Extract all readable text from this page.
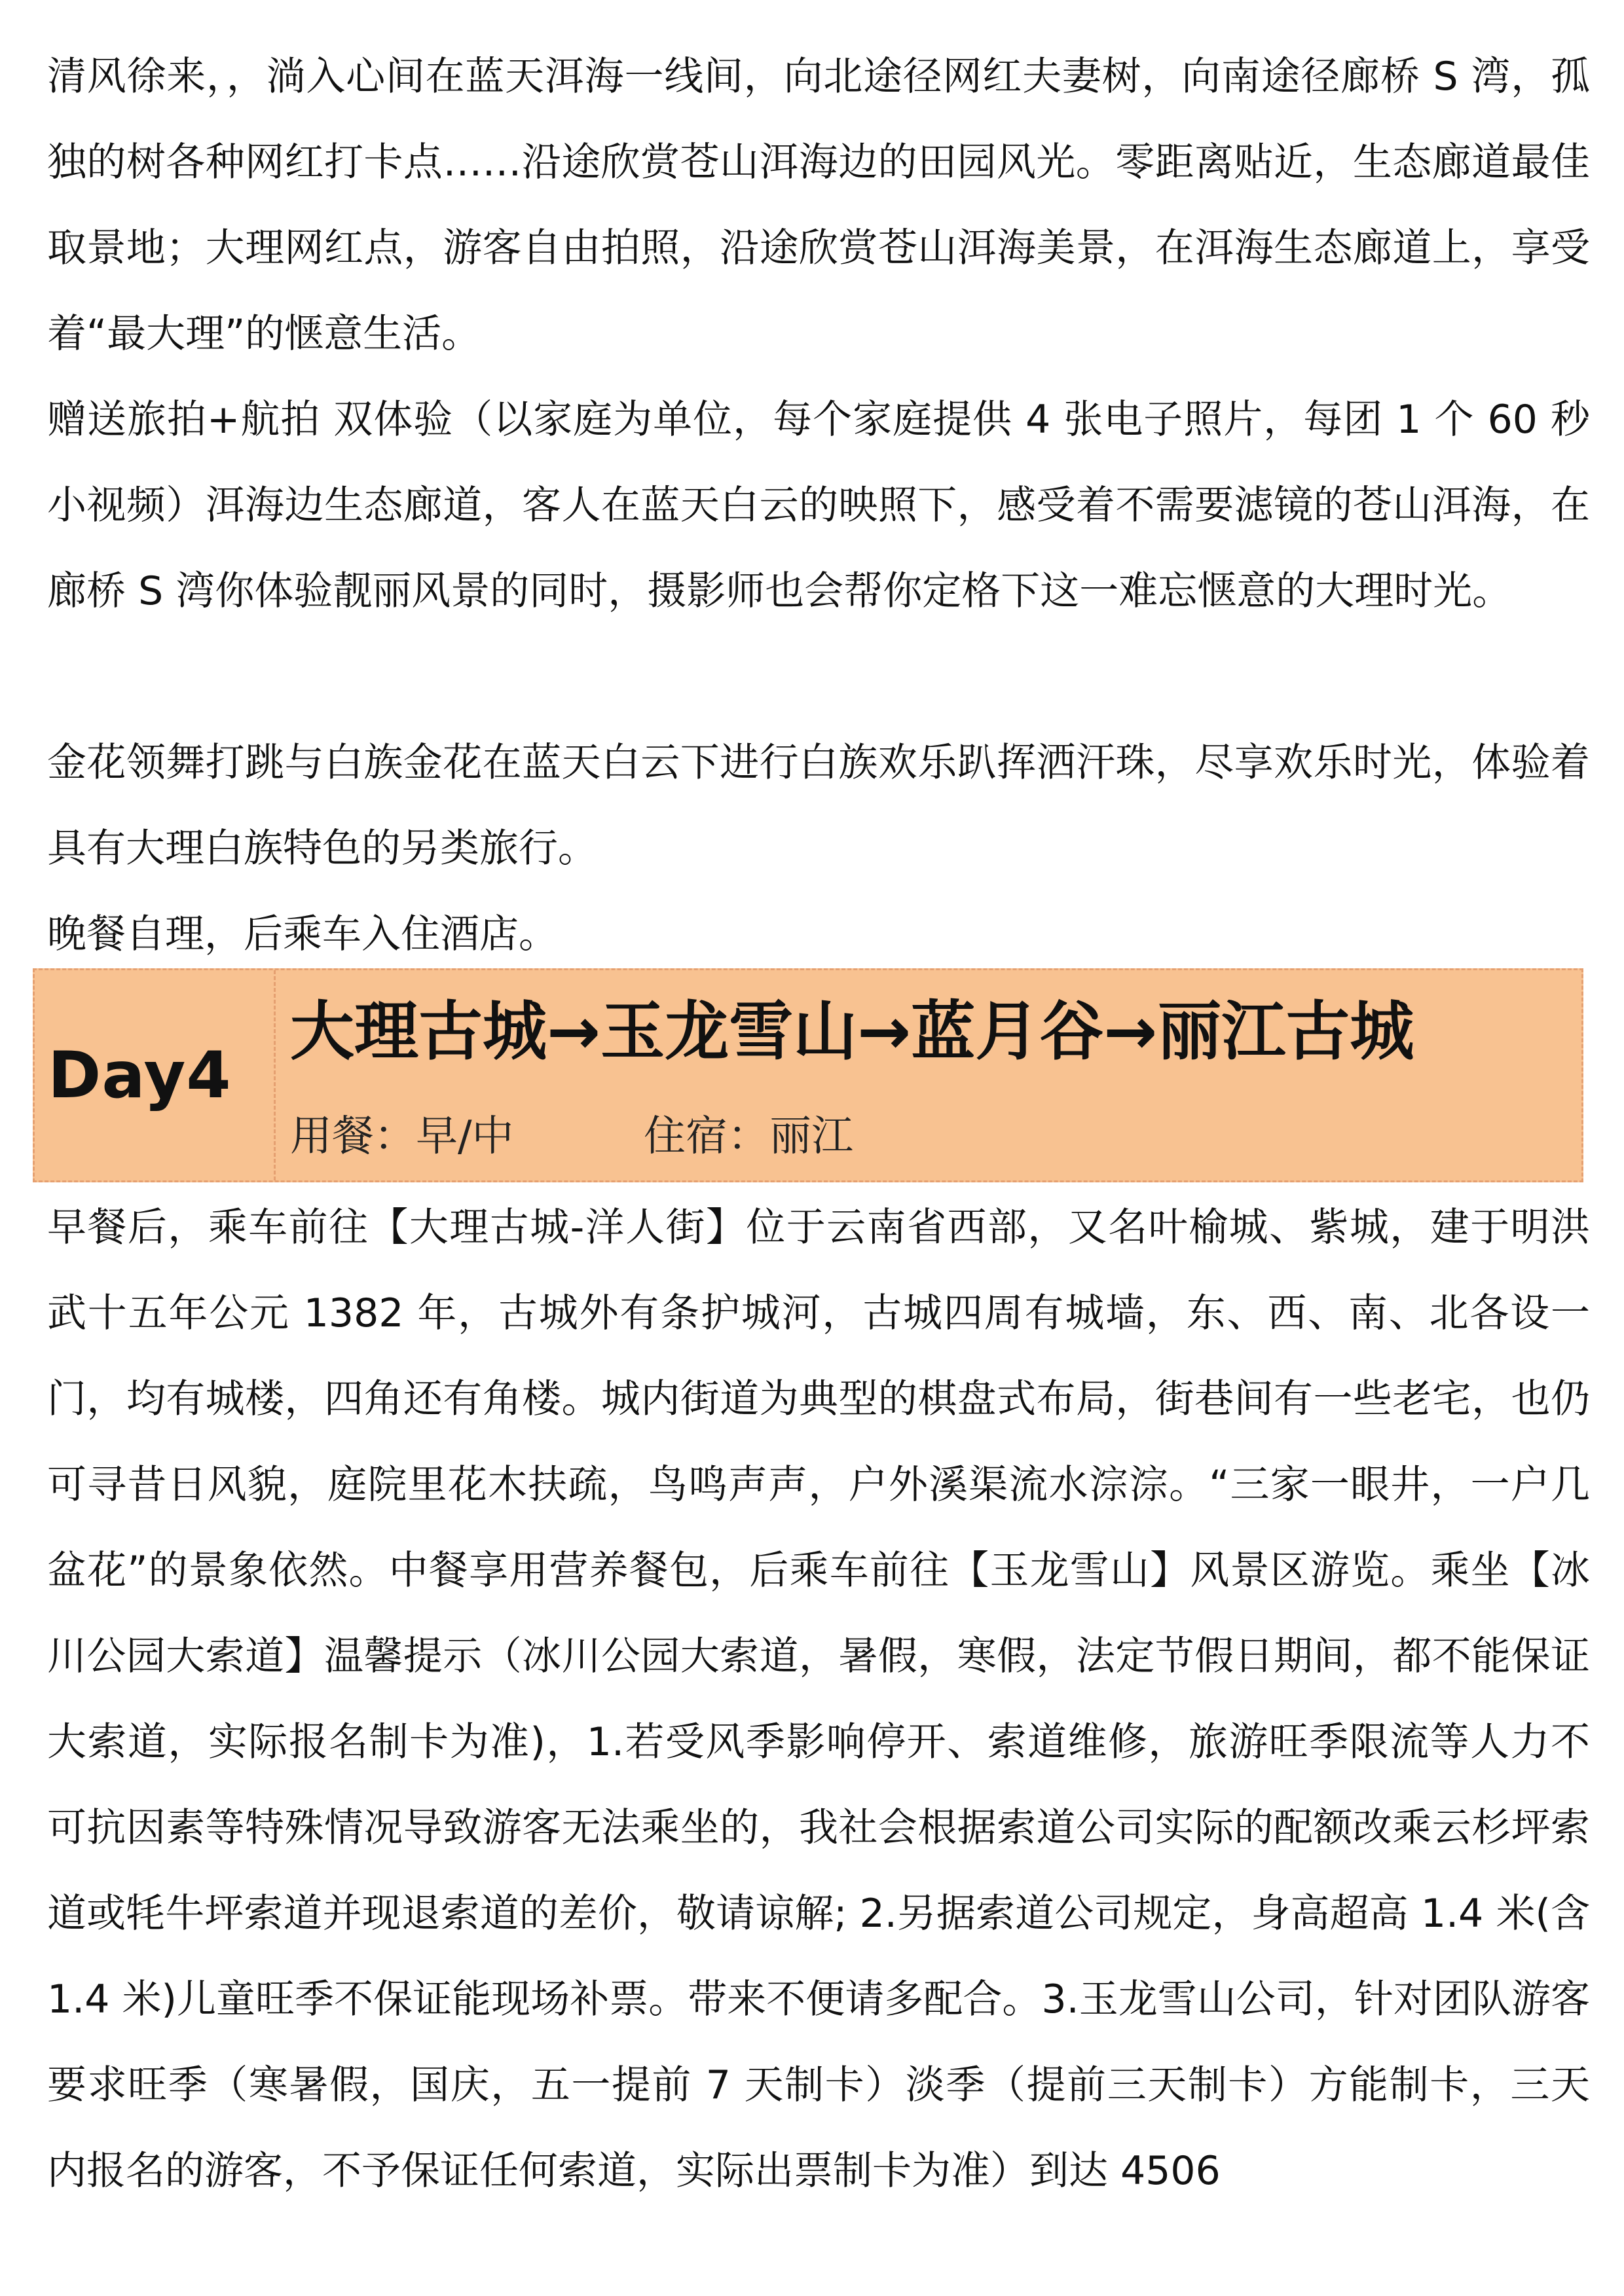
清风徐来，，淌入心间在蓝天洱海一线间，向北途径网红夫妻树，向南途径廊桥 S 湾，孤独的树各种网红打卡点……沿途欣赏苍山洱海边的田园风光。零距离贴近，生态廊道最佳取景地；大理网红点，游客自由拍照，沿途欣赏苍山洱海美景，在洱海生态廊道上，享受着“最大理”的惬意生活。

赠送旅拍+航拍 双体验（以家庭为单位，每个家庭提供 4 张电子照片，每团 1 个 60 秒小视频）洱海边生态廊道，客人在蓝天白云的映照下，感受着不需要滤镜的苍山洱海，在廊桥 S 湾你体验靓丽风景的同时，摄影师也会帮你定格下这一难忘惬意的大理时光。

金花领舞打跳与白族金花在蓝天白云下进行白族欢乐趴挥洒汗珠，尽享欢乐时光，体验着具有大理白族特色的另类旅行。

晚餐自理，后乘车入住酒店。

Day4
大理古城→玉龙雪山→蓝月谷→丽江古城
用餐：早/中	住宿：丽江

早餐后，乘车前往【大理古城-洋人街】位于云南省西部，又名叶榆城、紫城，建于明洪武十五年公元 1382 年，古城外有条护城河，古城四周有城墙，东、西、南、北各设一门，均有城楼，四角还有角楼。城内街道为典型的棋盘式布局，街巷间有一些老宅，也仍可寻昔日风貌，庭院里花木扶疏，鸟鸣声声，户外溪渠流水淙淙。“三家一眼井，一户几盆花”的景象依然。中餐享用营养餐包，后乘车前往【玉龙雪山】风景区游览。乘坐【冰川公园大索道】温馨提示（冰川公园大索道，暑假，寒假，法定节假日期间，都不能保证大索道，实际报名制卡为准)，1.若受风季影响停开、索道维修，旅游旺季限流等人力不可抗因素等特殊情况导致游客无法乘坐的，我社会根据索道公司实际的配额改乘云杉坪索道或牦牛坪索道并现退索道的差价，敬请谅解; 2.另据索道公司规定，身高超高 1.4 米(含 1.4 米)儿童旺季不保证能现场补票。带来不便请多配合。3.玉龙雪山公司，针对团队游客要求旺季（寒暑假，国庆，五一提前 7 天制卡）淡季（提前三天制卡）方能制卡，三天内报名的游客，不予保证任何索道，实际出票制卡为准）到达 4506
